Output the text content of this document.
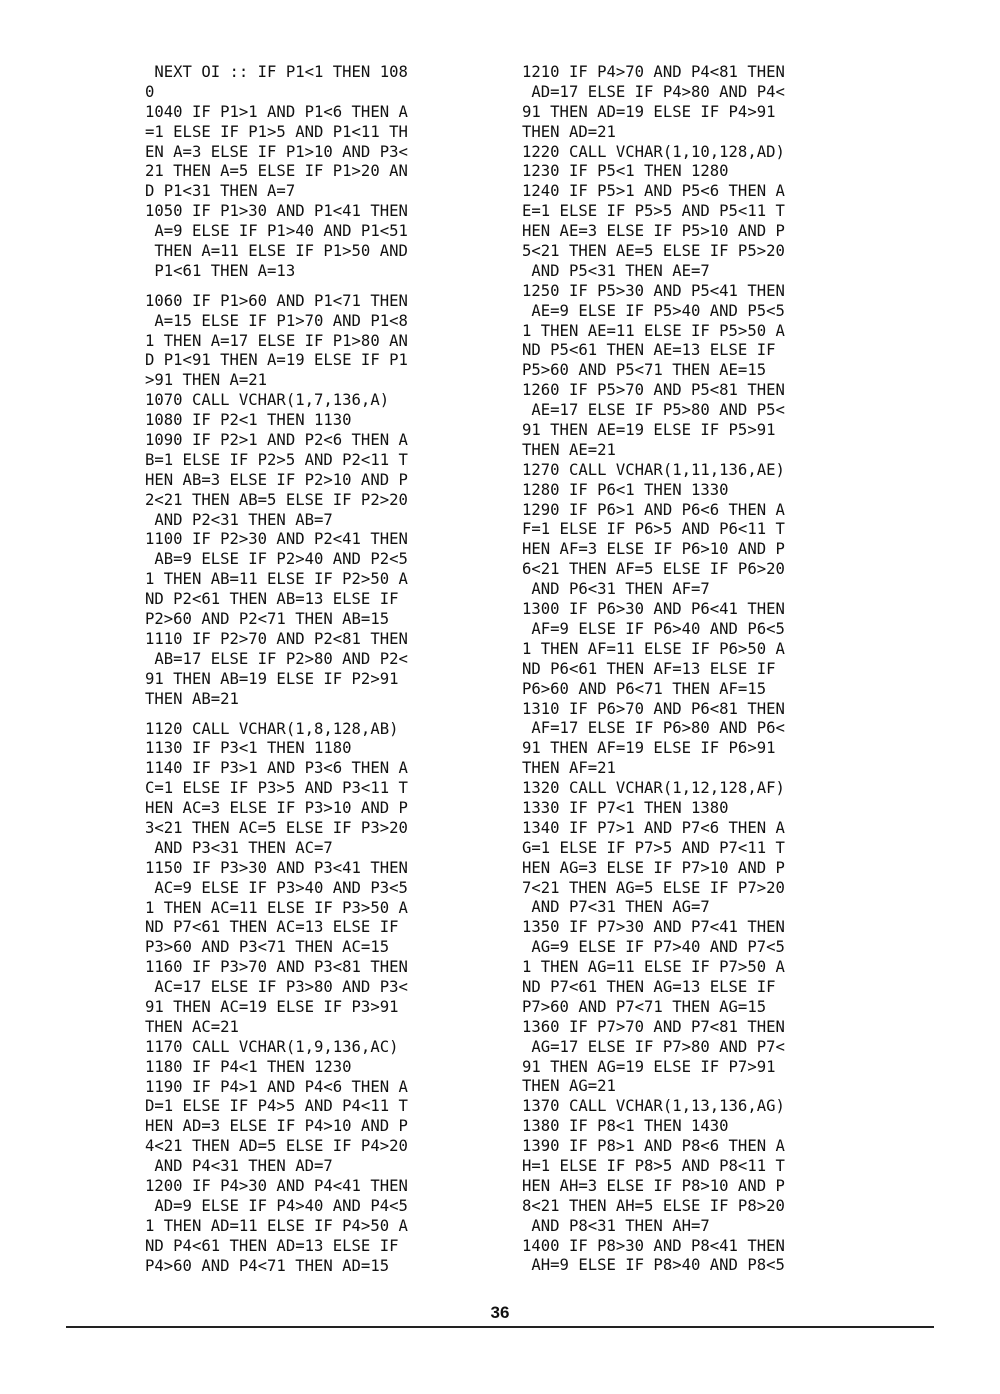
NEXT OI :: IF P1<1 THEN 108
0
1040 IF P1>1 AND P1<6 THEN A
=1 ELSE IF P1>5 AND P1<11 TH
EN A=3 ELSE IF P1>10 AND P3<
21 THEN A=5 ELSE IF P1>20 AN
D P1<31 THEN A=7
1050 IF P1>30 AND P1<41 THEN
A=9 ELSE IF P1>40 AND P1<51
THEN A=11 ELSE IF P1>50 AND
P1<61 THEN A=13
1060 IF P1>60 AND P1<71 THEN
A=15 ELSE IF P1>70 AND P1<8
1 THEN A=17 ELSE IF P1>80 AN
D P1<91 THEN A=19 ELSE IF P1
>91 THEN A=21
1070 CALL VCHAR(1,7,136,A)
1080 IF P2<1 THEN 1130
1090 IF P2>1 AND P2<6 THEN A
B=1 ELSE IF P2>5 AND P2<11 T
HEN AB=3 ELSE IF P2>10 AND P
2<21 THEN AB=5 ELSE IF P2>20
AND P2<31 THEN AB=7
1100 IF P2>30 AND P2<41 THEN
AB=9 ELSE IF P2>40 AND P2<5
1 THEN AB=11 ELSE IF P2>50 A
ND P2<61 THEN AB=13 ELSE IF
P2>60 AND P2<71 THEN AB=15
1110 IF P2>70 AND P2<81 THEN
AB=17 ELSE IF P2>80 AND P2<
91 THEN AB=19 ELSE IF P2>91
THEN AB=21
1120 CALL VCHAR(1,8,128,AB)
1130 IF P3<1 THEN 1180
1140 IF P3>1 AND P3<6 THEN A
C=1 ELSE IF P3>5 AND P3<11 T
HEN AC=3 ELSE IF P3>10 AND P
3<21 THEN AC=5 ELSE IF P3>20
AND P3<31 THEN AC=7
1150 IF P3>30 AND P3<41 THEN
AC=9 ELSE IF P3>40 AND P3<5
1 THEN AC=11 ELSE IF P3>50 A
ND P7<61 THEN AC=13 ELSE IF
P3>60 AND P3<71 THEN AC=15
1160 IF P3>70 AND P3<81 THEN
AC=17 ELSE IF P3>80 AND P3<
91 THEN AC=19 ELSE IF P3>91
THEN AC=21
1170 CALL VCHAR(1,9,136,AC)
1180 IF P4<1 THEN 1230
1190 IF P4>1 AND P4<6 THEN A
D=1 ELSE IF P4>5 AND P4<11 T
HEN AD=3 ELSE IF P4>10 AND P
4<21 THEN AD=5 ELSE IF P4>20
AND P4<31 THEN AD=7
1200 IF P4>30 AND P4<41 THEN
AD=9 ELSE IF P4>40 AND P4<5
1 THEN AD=11 ELSE IF P4>50 A
ND P4<61 THEN AD=13 ELSE IF
P4>60 AND P4<71 THEN AD=15
1210 IF P4>70 AND P4<81 THEN
AD=17 ELSE IF P4>80 AND P4<
91 THEN AD=19 ELSE IF P4>91
THEN AD=21
1220 CALL VCHAR(1,10,128,AD)
1230 IF P5<1 THEN 1280
1240 IF P5>1 AND P5<6 THEN A
E=1 ELSE IF P5>5 AND P5<11 T
HEN AE=3 ELSE IF P5>10 AND P
5<21 THEN AE=5 ELSE IF P5>20
AND P5<31 THEN AE=7
1250 IF P5>30 AND P5<41 THEN
AE=9 ELSE IF P5>40 AND P5<5
1 THEN AE=11 ELSE IF P5>50 A
ND P5<61 THEN AE=13 ELSE IF
P5>60 AND P5<71 THEN AE=15
1260 IF P5>70 AND P5<81 THEN
AE=17 ELSE IF P5>80 AND P5<
91 THEN AE=19 ELSE IF P5>91
THEN AE=21
1270 CALL VCHAR(1,11,136,AE)
1280 IF P6<1 THEN 1330
1290 IF P6>1 AND P6<6 THEN A
F=1 ELSE IF P6>5 AND P6<11 T
HEN AF=3 ELSE IF P6>10 AND P
6<21 THEN AF=5 ELSE IF P6>20
AND P6<31 THEN AF=7
1300 IF P6>30 AND P6<41 THEN
AF=9 ELSE IF P6>40 AND P6<5
1 THEN AF=11 ELSE IF P6>50 A
ND P6<61 THEN AF=13 ELSE IF
P6>60 AND P6<71 THEN AF=15
1310 IF P6>70 AND P6<81 THEN
AF=17 ELSE IF P6>80 AND P6<
91 THEN AF=19 ELSE IF P6>91
THEN AF=21
1320 CALL VCHAR(1,12,128,AF)
1330 IF P7<1 THEN 1380
1340 IF P7>1 AND P7<6 THEN A
G=1 ELSE IF P7>5 AND P7<11 T
HEN AG=3 ELSE IF P7>10 AND P
7<21 THEN AG=5 ELSE IF P7>20
AND P7<31 THEN AG=7
1350 IF P7>30 AND P7<41 THEN
AG=9 ELSE IF P7>40 AND P7<5
1 THEN AG=11 ELSE IF P7>50 A
ND P7<61 THEN AG=13 ELSE IF
P7>60 AND P7<71 THEN AG=15
1360 IF P7>70 AND P7<81 THEN
AG=17 ELSE IF P7>80 AND P7<
91 THEN AG=19 ELSE IF P7>91
THEN AG=21
1370 CALL VCHAR(1,13,136,AG)
1380 IF P8<1 THEN 1430
1390 IF P8>1 AND P8<6 THEN A
H=1 ELSE IF P8>5 AND P8<11 T
HEN AH=3 ELSE IF P8>10 AND P
8<21 THEN AH=5 ELSE IF P8>20
AND P8<31 THEN AH=7
1400 IF P8>30 AND P8<41 THEN
AH=9 ELSE IF P8>40 AND P8<5
36
